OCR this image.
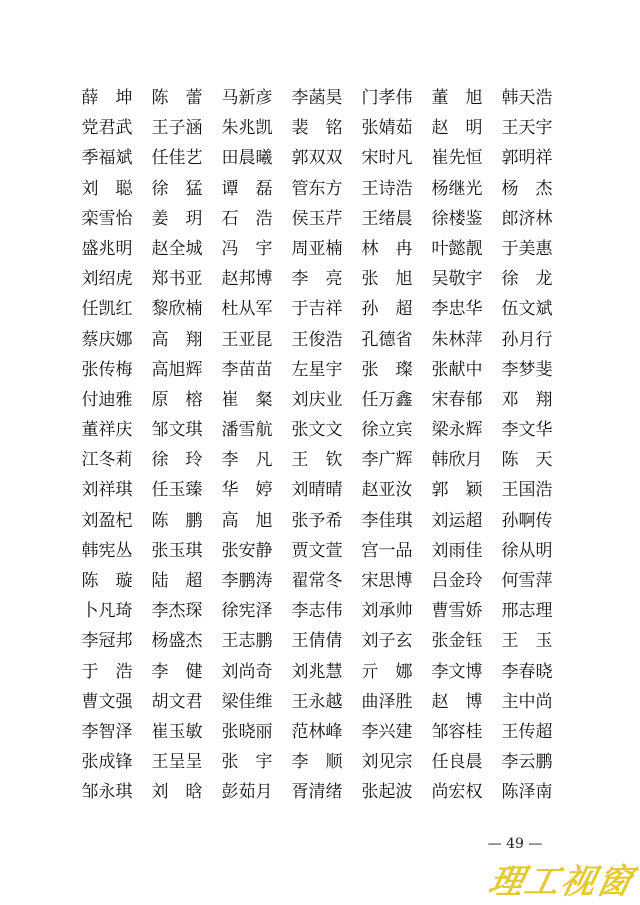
薛　坤	陈　蕾	马新彦	李菡昊	门孝伟	董　旭	韩天浩
党君武	王子涵	朱兆凯	裴　铭	张婧茹	赵　明	王天宇
季福斌	任佳艺	田晨曦	郭双双	宋时凡	崔先恒	郭明祥
刘　聪	徐　猛	谭　磊	管东方	王诗浩	杨继光	杨　杰
栾雪怡	姜　玥	石　浩	侯玉芹	王绪晨	徐楼鉴	郎济林
盛兆明	赵全城	冯　宇	周亚楠	林　冉	叶懿靓	于美惠
刘绍虎	郑书亚	赵邦博	李　亮	张　旭	吴敬宇	徐　龙
任凯红	黎欣楠	杜从军	于吉祥	孙　超	李忠华	伍文斌
蔡庆娜	高　翔	王亚昆	王俊浩	孔德省	朱林萍	孙月行
张传梅	高旭辉	李苗苗	左星宇	张　璨	张献中	李梦斐
付迪雅	原　榕	崔　粲	刘庆业	任万鑫	宋春郁	邓　翔
董祥庆	邹文琪	潘雪航	张文文	徐立宾	梁永辉	李文华
江冬莉	徐　玲	李　凡	王　钦	李广辉	韩欣月	陈　天
刘祥琪	任玉臻	华　婷	刘晴晴	赵亚汝	郭　颖	王国浩
刘盈杞	陈　鹏	高　旭	张予希	李佳琪	刘运超	孙啊传
韩宪丛	张玉琪	张安静	贾文萱	宫一品	刘雨佳	徐从明
陈　璇	陆　超	李鹏涛	翟常冬	宋思博	吕金玲	何雪萍
卜凡琦	李杰琛	徐宪泽	李志伟	刘承帅	曹雪娇	邢志理
李冠邦	杨盛杰	王志鹏	王倩倩	刘子玄	张金钰	王　玉
于　浩	李　健	刘尚奇	刘兆慧	亓　娜	李文博	李春晓
曹文强	胡文君	梁佳维	王永越	曲泽胜	赵　博	主中尚
李智泽	崔玉敏	张晓丽	范林峰	李兴建	邹容桂	王传超
张成锋	王呈呈	张　宇	李　顺	刘见宗	任良晨	李云鹏
邹永琪	刘　晗	彭茹月	胥清绪	张起波	尚宏权	陈泽南
— 49 —
理工视窗
